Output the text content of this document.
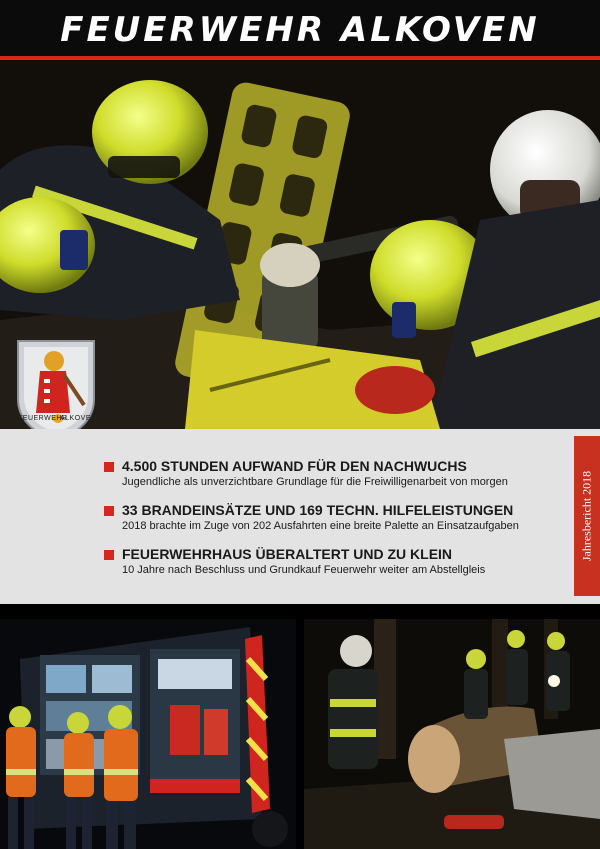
FEUERWEHR ALKOVEN
FEUERWEHR
ALKOVEN
4.500 STUNDEN AUFWAND FÜR DEN NACHWUCHS
Jugendliche als unverzichtbare Grundlage für die Freiwilligenarbeit von morgen
33 BRANDEINSÄTZE UND 169 TECHN. HILFELEISTUNGEN
2018 brachte im Zuge von 202 Ausfahrten eine breite Palette an Einsatzaufgaben
FEUERWEHRHAUS ÜBERALTERT UND ZU KLEIN
10 Jahre nach Beschluss und Grundkauf Feuerwehr weiter am Abstellgleis
Jahresbericht 2018
